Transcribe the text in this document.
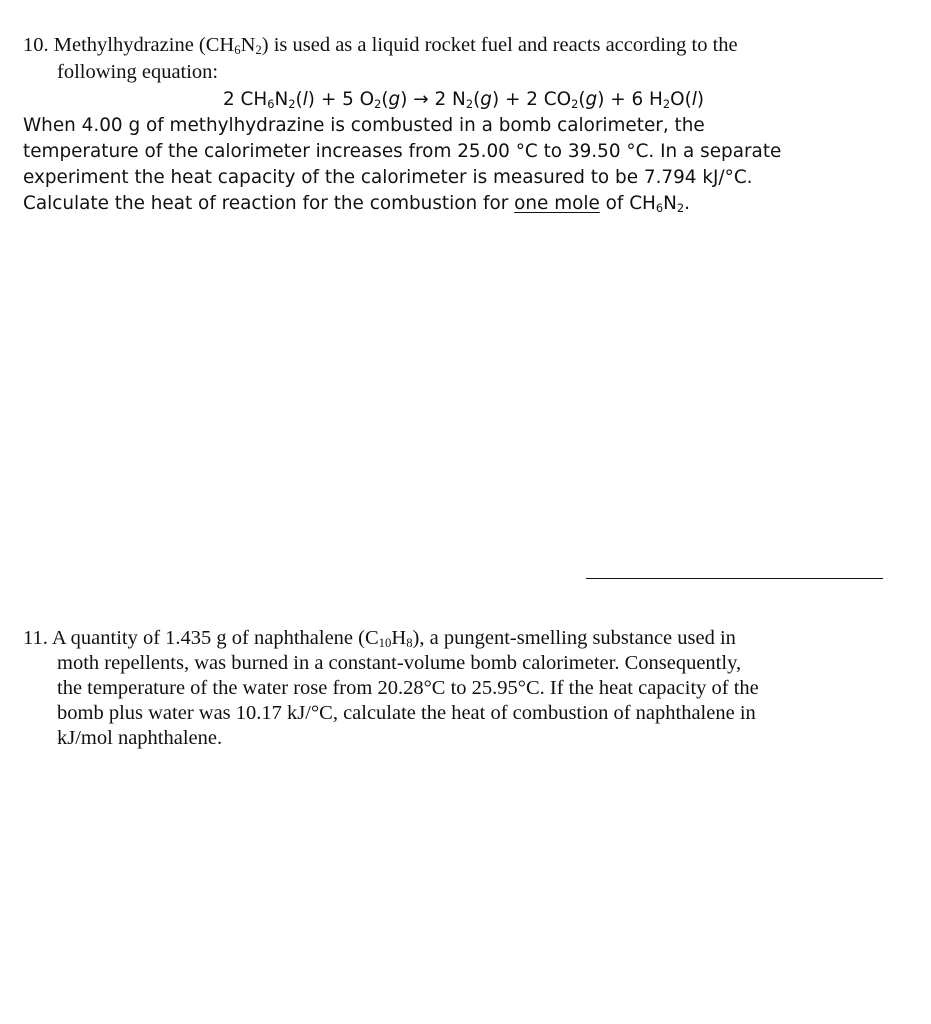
10. Methylhydrazine $(CH_6N_2)$ is used as a liquid rocket fuel and reacts according to the
following equation:
2 $CH_6N_2(l) + 5$ $O_2(g) \to 2$ $N_2(g) + 2$ $CO_2(g) + 6$ $H_2O(l)$
When 4.00 g of methylhydrazine is combusted in a bomb calorimeter, the
temperature of the calorimeter increases from 25.00 °C to 39.50 °C. In a separate
experiment the heat capacity of the calorimeter is measured to be 7.794 kJ/°C.
Calculate the heat of reaction for the combustion for one mole of $CH_6N_2$.
11. A quantity of 1.435 g of naphthalene $(C_{10}H_8)$, a pungent-smelling substance used in
moth repellents, was burned in a constant-volume bomb calorimeter. Consequently,
the temperature of the water rose from 20.28°C to 25.95°C. If the heat capacity of the
bomb plus water was 10.17 kJ/°C, calculate the heat of combustion of naphthalene in
kJ/mol naphthalene.
